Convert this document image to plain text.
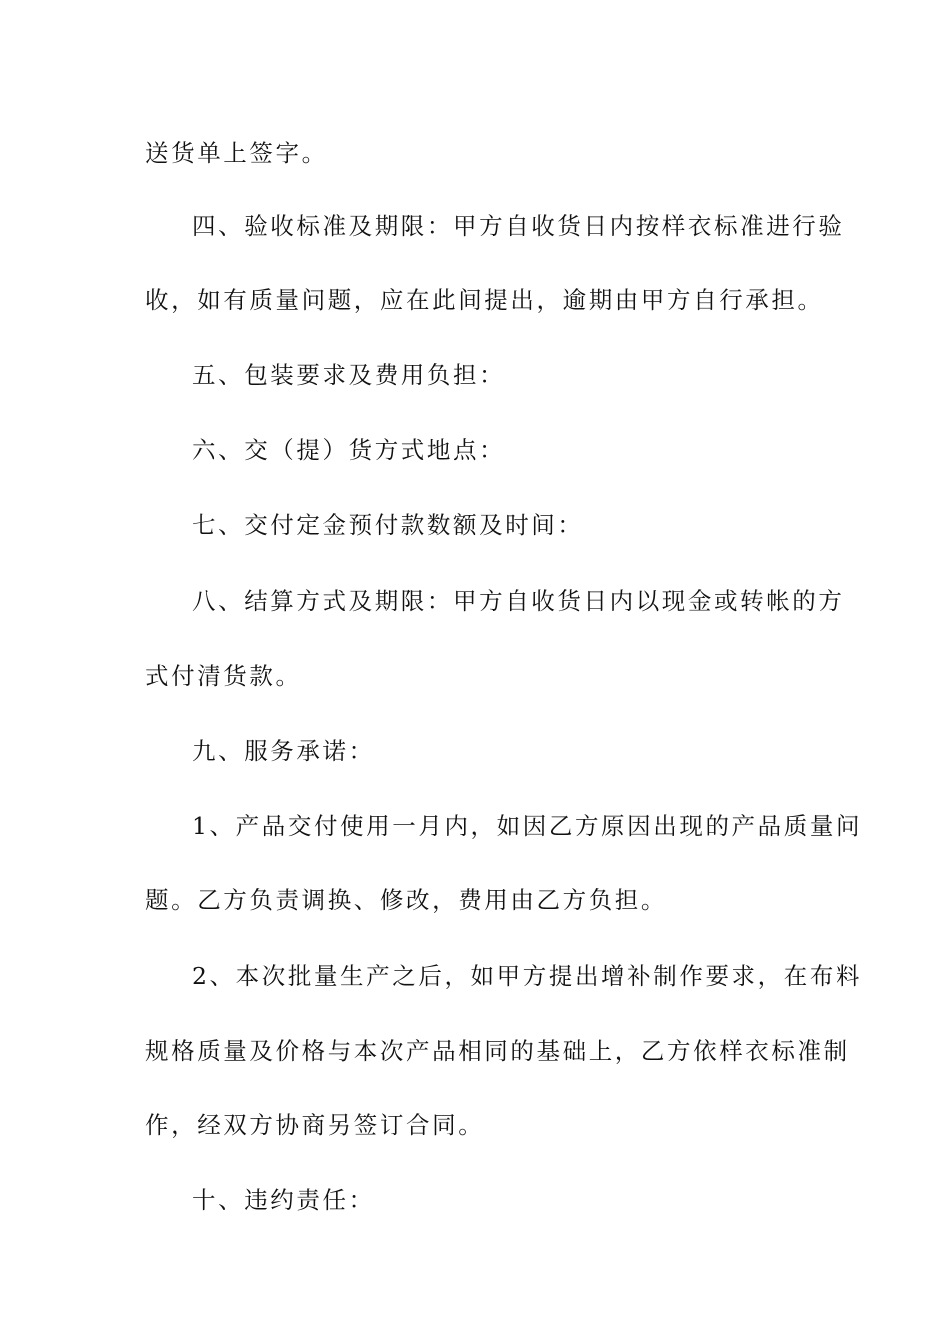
送货单上签字。
四、验收标准及期限：甲方自收货日内按样衣标准进行验
收，如有质量问题，应在此间提出，逾期由甲方自行承担。
五、包装要求及费用负担：
六、交（提）货方式地点：
七、交付定金预付款数额及时间：
八、结算方式及期限：甲方自收货日内以现金或转帐的方
式付清货款。
九、服务承诺：
1、产品交付使用一月内，如因乙方原因出现的产品质量问
题。乙方负责调换、修改，费用由乙方负担。
2、本次批量生产之后，如甲方提出增补制作要求，在布料
规格质量及价格与本次产品相同的基础上，乙方依样衣标准制
作，经双方协商另签订合同。
十、违约责任：
